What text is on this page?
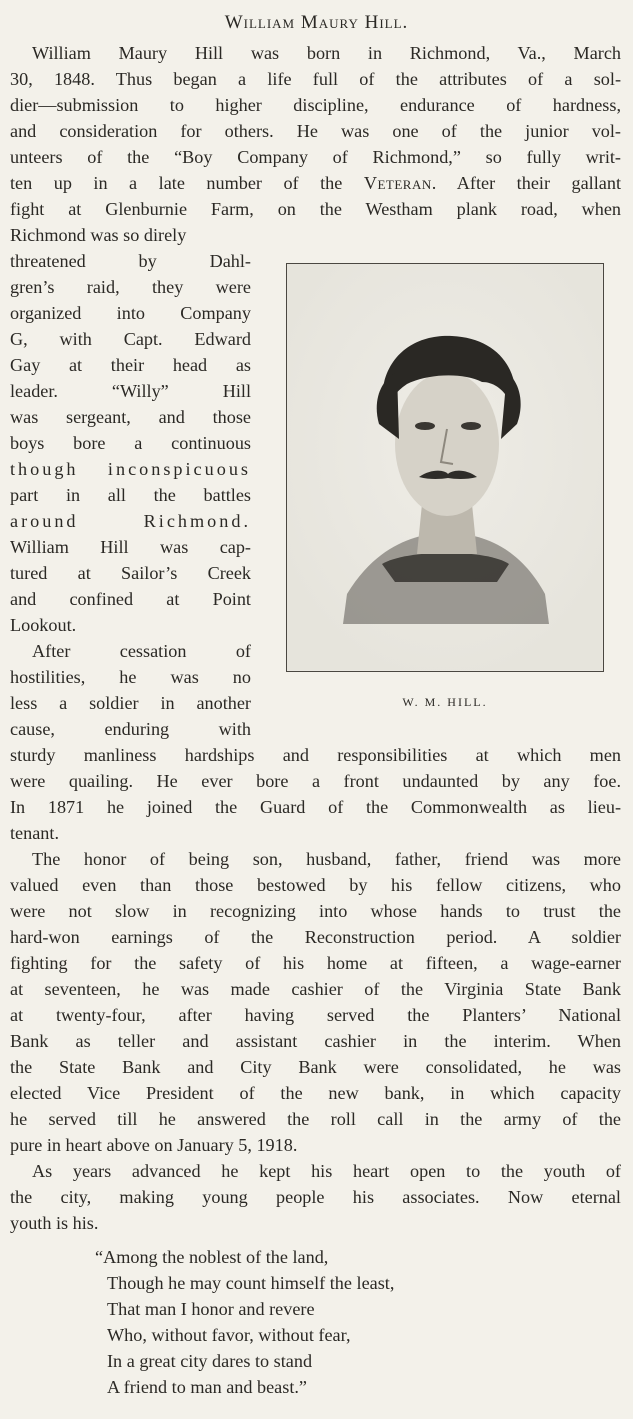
William Maury Hill.
William Maury Hill was born in Richmond, Va., March
30, 1848. Thus began a life full of the attributes of a sol-
dier—submission to higher discipline, endurance of hardness,
and consideration for others. He was one of the junior vol-
unteers of the “Boy Company of Richmond,” so fully writ-
ten up in a late number of the Veteran. After their gallant
fight at Glenburnie Farm, on the Westham plank road, when
Richmond was so direly
threatened by Dahl-
gren’s raid, they were
organized into Company
G, with Capt. Edward
Gay at their head as
leader. “Willy” Hill
was sergeant, and those
boys bore a continuous
though inconspicuous
part in all the battles
around Richmond.
William Hill was cap-
tured at Sailor’s Creek
and confined at Point
Lookout.
After cessation of
hostilities, he was no
less a soldier in another
cause, enduring with
W. M. HILL.
sturdy manliness hardships and responsibilities at which men
were quailing. He ever bore a front undaunted by any foe.
In 1871 he joined the Guard of the Commonwealth as lieu-
tenant.
The honor of being son, husband, father, friend was more
valued even than those bestowed by his fellow citizens, who
were not slow in recognizing into whose hands to trust the
hard-won earnings of the Reconstruction period. A soldier
fighting for the safety of his home at fifteen, a wage-earner
at seventeen, he was made cashier of the Virginia State Bank
at twenty-four, after having served the Planters’ National
Bank as teller and assistant cashier in the interim. When
the State Bank and City Bank were consolidated, he was
elected Vice President of the new bank, in which capacity
he served till he answered the roll call in the army of the
pure in heart above on January 5, 1918.
As years advanced he kept his heart open to the youth of
the city, making young people his associates. Now eternal
youth is his.
“Among the noblest of the land,
Though he may count himself the least,
That man I honor and revere
Who, without favor, without fear,
In a great city dares to stand
A friend to man and beast.”
